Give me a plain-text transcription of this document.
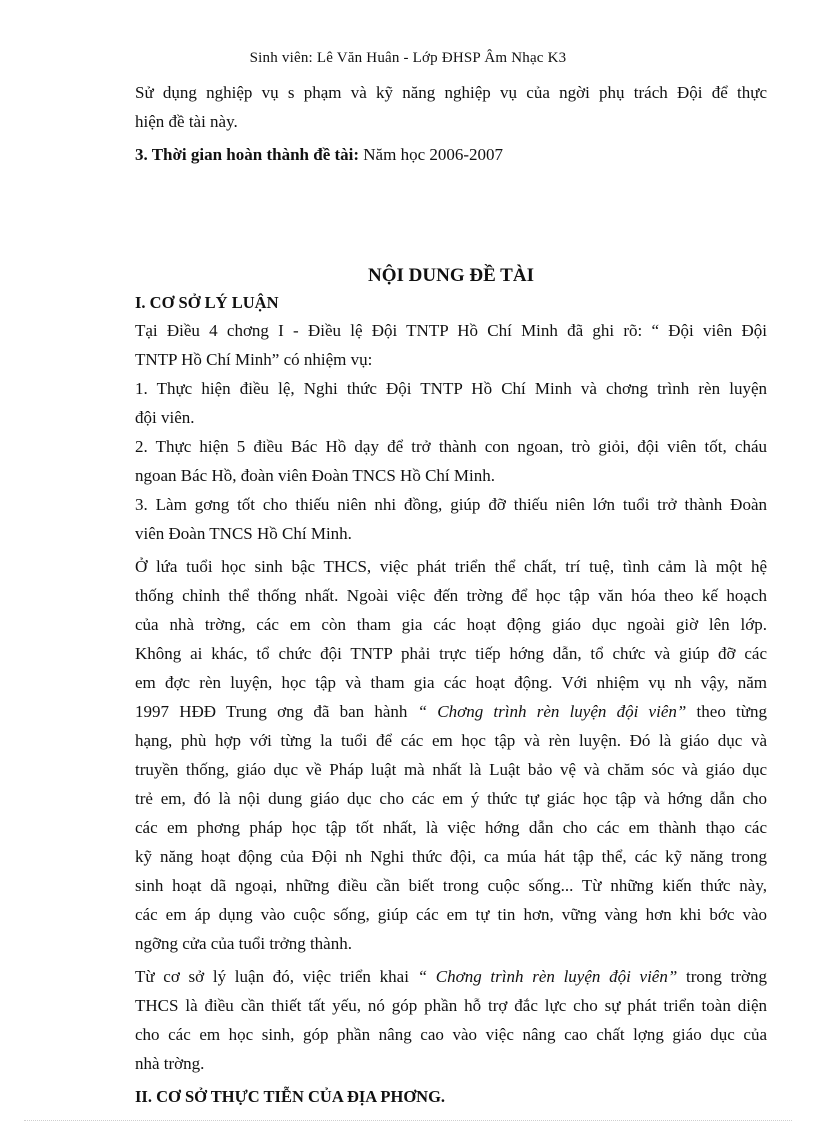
Sinh viên: Lê Văn Huân - Lớp ĐHSP Âm Nhạc K3

Sử dụng nghiệp vụ s phạm và kỹ năng nghiệp vụ của ngời phụ trách Đội để thực
hiện đề tài này.

3. Thời gian hoàn thành đề tài: Năm học 2006-2007

NỘI DUNG ĐỀ TÀI

I. CƠ SỞ LÝ LUẬN

Tại Điều 4 chơng I - Điều lệ Đội TNTP Hồ Chí Minh đã ghi rõ: “ Đội viên Đội
TNTP Hồ Chí Minh” có nhiệm vụ:

1. Thực hiện điều lệ, Nghi thức Đội TNTP Hồ Chí Minh và chơng trình rèn luyện
đội viên.

2. Thực hiện 5 điều Bác Hồ dạy để trở thành con ngoan, trò giỏi, đội viên tốt, cháu
ngoan Bác Hồ, đoàn viên Đoàn TNCS Hồ Chí Minh.

3. Làm gơng tốt cho thiếu niên nhi đồng, giúp đỡ thiếu niên lớn tuổi trở thành Đoàn
viên Đoàn TNCS Hồ Chí Minh.

Ở lứa tuổi học sinh bậc THCS, việc phát triển thể chất, trí tuệ, tình cảm là một hệ
thống chỉnh thể thống nhất. Ngoài việc đến trờng để học tập văn hóa theo kế hoạch
của nhà trờng, các em còn tham gia các hoạt động giáo dục ngoài giờ lên lớp.
Không ai khác, tổ chức đội TNTP phải trực tiếp hớng dẫn, tổ chức và giúp đỡ các
em đợc rèn luyện, học tập và tham gia các hoạt động. Với nhiệm vụ nh vậy, năm
1997 HĐĐ Trung ơng đã ban hành “ Chơng trình rèn luyện đội viên” theo từng
hạng, phù hợp với từng la tuổi để các em học tập và rèn luyện. Đó là giáo dục và
truyền thống, giáo dục về Pháp luật mà nhất là Luật bảo vệ và chăm sóc và giáo dục
trẻ em, đó là nội dung giáo dục cho các em ý thức tự giác học tập và hớng dẫn cho
các em phơng pháp học tập tốt nhất, là việc hớng dẫn cho các em thành thạo các
kỹ năng hoạt động của Đội nh Nghi thức đội, ca múa hát tập thể, các kỹ năng trong
sinh hoạt dã ngoại, những điều cần biết trong cuộc sống... Từ những kiến thức này,
các em áp dụng vào cuộc sống, giúp các em tự tin hơn, vững vàng hơn khi bớc vào
ngỡng cửa của tuổi trởng thành.

Từ cơ sở lý luận đó, việc triển khai “ Chơng trình rèn luyện đội viên” trong trờng
THCS là điều cần thiết tất yếu, nó góp phần hỗ trợ đắc lực cho sự phát triển toàn diện
cho các em học sinh, góp phần nâng cao vào việc nâng cao chất lợng giáo dục của
nhà trờng.

II. CƠ SỞ THỰC TIỄN CỦA ĐỊA PHƠNG.
